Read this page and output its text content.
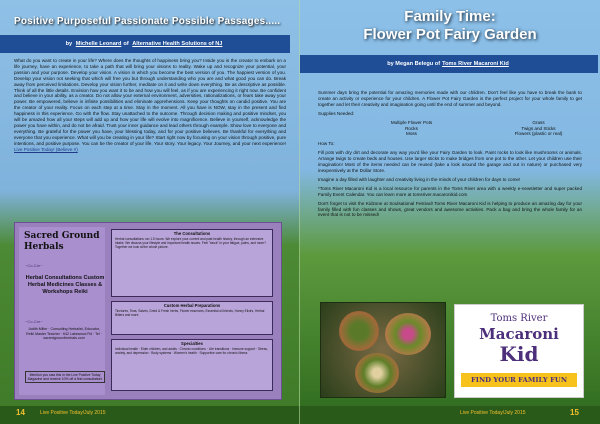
Positive Purposeful Passionate Possible Passages.....
by
Michelle Leonard of
Alternative Health Solutions of NJ

What do you want to create in your life? Where does the thoughts of happiness bring you? Inside you is the creator to embark on a life journey, have an experience, to take a path that will bring your visions to reality. Wake up and recognize your potential, your passion and your purpose. Develop your vision. A vision in which you become the best version of you. The happiest version of you. Develop your vision not seeking that which will free you but through understanding who you are and what good you can do. Break away from perceived limitations. Develop your vision further, meditate on it and write down everything. Be as descriptive as possible. Think of all the little details. Envision how you want it to be and how you will feel, as if you are experiencing it right now. Be confident and believe in your ability, as a creator. Do not allow your external environment, adversities, rationalizations, or fears take away your power. Be empowered, believe in infinite possibilities and eliminate apprehensions. Keep your thoughts on candid positive. You are the creator of your reality. Focus on each step at a time. Stay in the moment. All you have is NOW, stay in the present and find happiness in this experience. Go with the flow. Stay unattached to the outcome. Through decision making and positive mindset, you will be amazed how all your steps will add up and how your life will evolve into magnificence. Believe in yourself, acknowledge the power you have within, and do not be afraid. Trust your inner guidance and lead others through example. Show love to everyone and everything. Be grateful for the power you have, your blessing today, and for your positive believes. Be thankful for everything and everyone that you experience. What will you be creating in your life? Start right now by focusing on your vision through positive, pure intentions, and positive purpose. You can be the creator of your life. Your story. Your legacy. Your Journey, and your next experience! Live Positive Today! (Believe !!)

Sacred Ground Herbals
~Co-Cre~
Herbal Consultations Custom Herbal Medicines Classes & Workshops Reiki
~Co-Cre~
Judith Miller · Consulting Herbalist, Educator, Reiki Master Teacher · 642 Lakewood Rd · Tel · sacredgroundherbals.com
Mention you saw this in the Live Positive Today Magazine and receive 10% off a first consultation!
The Consultations
Herbal consultations run 1.5 hours. We explore your current and past health history, through an extensive intake. We discuss your lifestyle and important health issues. Feel "stuck" in your fatigue, pains, and more? Together we look at the whole picture.
Custom Herbal Preparations
Tinctures, Teas, Salves, Dried & Fresh herbs, Flower essences, Essential oil blends, Honey Elixirs, Herbal Bitters and more.
Specialties
Individual health · Elder children, and adults · Chronic conditions · Life transitions · Immune support · Stress, anxiety, and depression · Body systems · Women's health · Supportive care for chronic illness
14	Live Positive Today/July 2015
Family Time:
Flower Pot Fairy Garden
by
Megan Belegu
of Toms River Macaroni Kid

Summer days bring the potential for amazing memories made with our children. Don't feel like you have to break the bank to create an activity or experience for your children. A Flower Pot Fairy Garden is the perfect project for your whole family to get together and let their creativity and imagination going until the end of summer and beyond.

Supplies Needed:

Multiple Flower Pots	Grass
Rocks	Twigs and Sticks
Moss	Flowers (plastic or real)

How To:

Fill pots with dry dirt and decorate any way you'd like your Fairy Garden to look. Paint rocks to look like mushrooms or animals. Arrange twigs to create beds and houses. Use larger sticks to make bridges from one pot to the other. Let your children use their imagination! Most of the items needed can be reused (take a look around the garage and out in nature) or purchased very inexpensively at the Dollar Store.

Imagine a day filled with laughter and creativity living in the minds of your children for days to come!

*Toms River Macaroni Kid is a local resource for parents in the Toms River area with a weekly e-newsletter and super packed Family Event Calendar. You can learn more at tomsriver.macaronikid.com

Don't forget to visit the Kidzone at Soulsational Festival! Toms River Macaroni Kid is helping to produce an amazing day for your family filled with fun classes and shows, great vendors and awesome activities. Pack a bag and bring the whole family for an event that is not to be missed!

Toms River
Macaroni
Kid
FIND YOUR FAMILY FUN
Live Positive Today/July 2015	15
